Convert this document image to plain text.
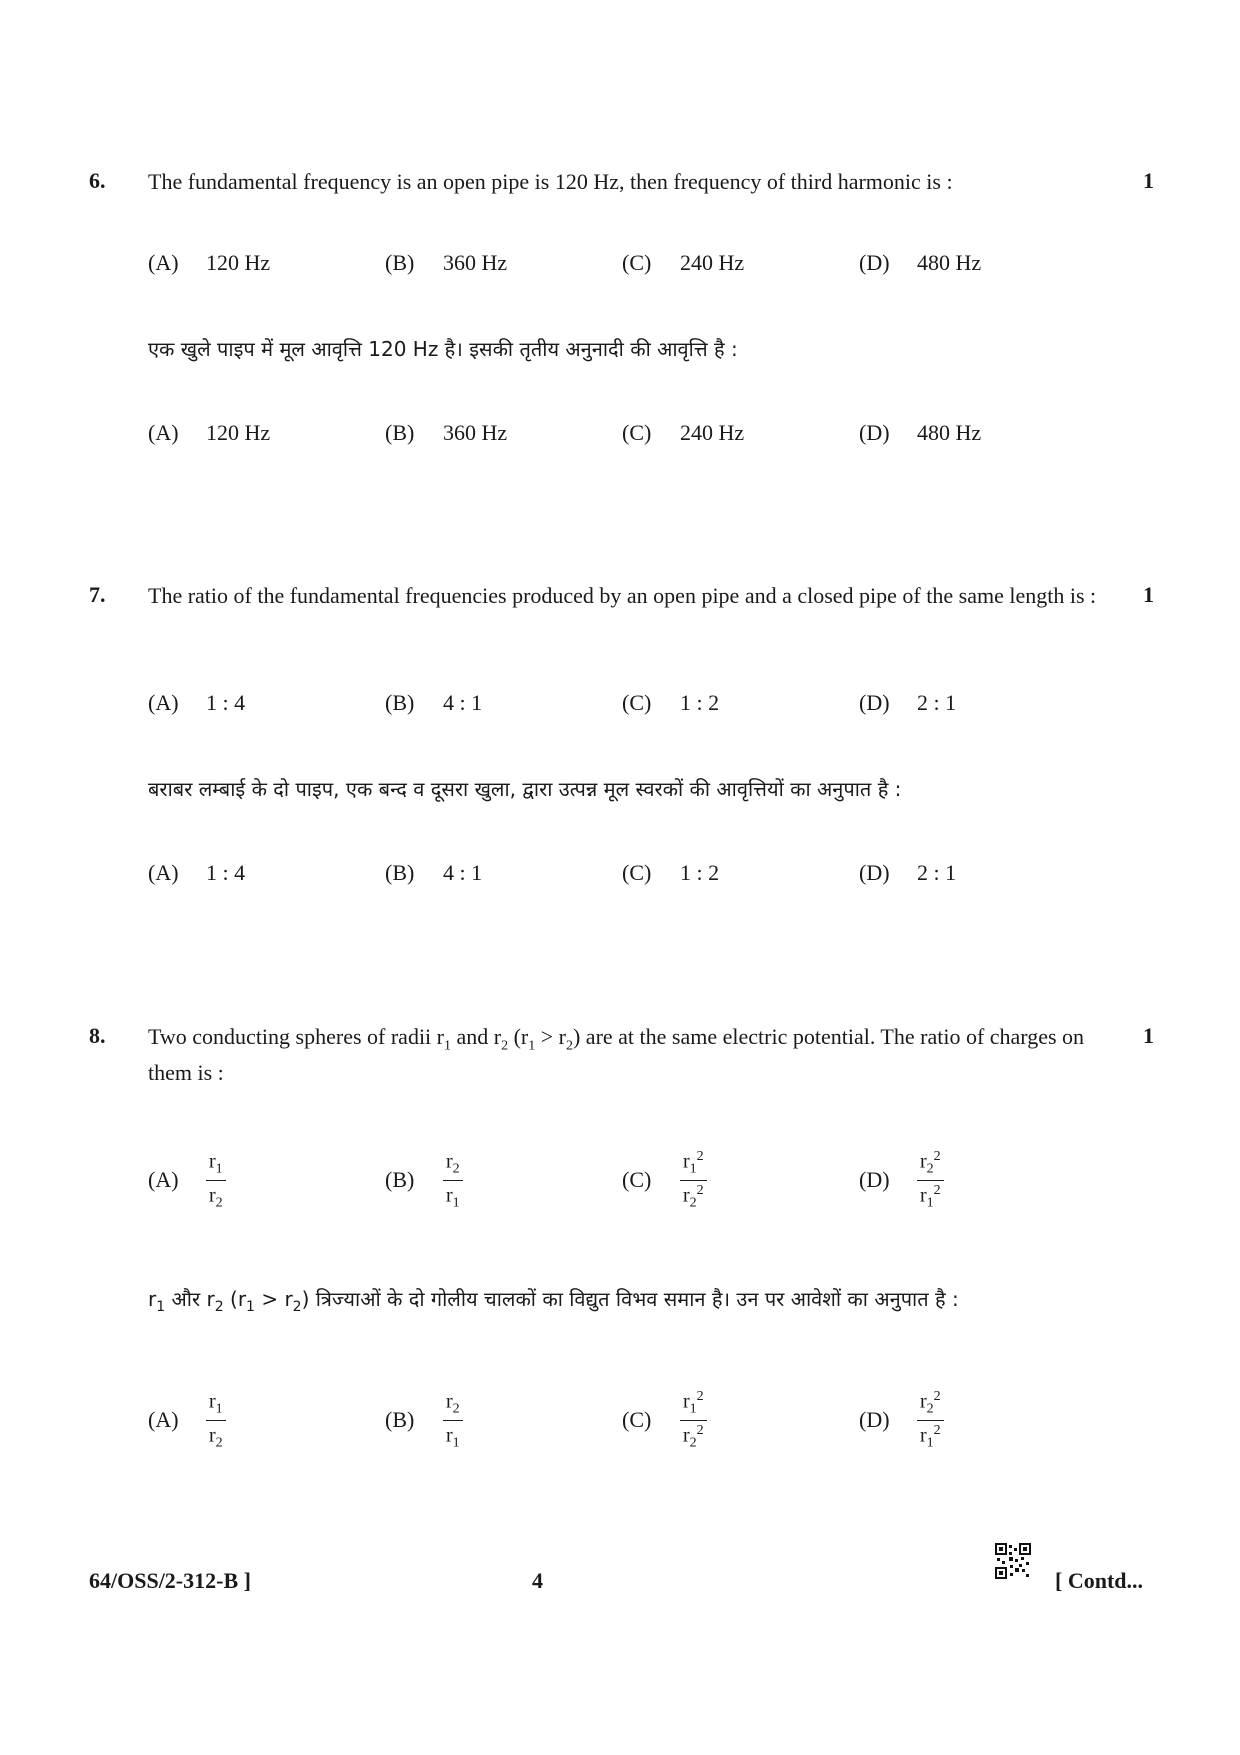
6. The fundamental frequency is an open pipe is 120 Hz, then frequency of third harmonic is :	1
(A)	120 Hz	(B)	360 Hz	(C)	240 Hz	(D)	480 Hz
एक खुले पाइप में मूल आवृत्ति 120 Hz है। इसकी तृतीय अनुनादी की आवृत्ति है :
(A)	120 Hz	(B)	360 Hz	(C)	240 Hz	(D)	480 Hz
7. The ratio of the fundamental frequencies produced by an open pipe and a closed pipe of the same length is :	1
(A)	1 : 4	(B)	4 : 1	(C)	1 : 2	(D)	2 : 1
बराबर लम्बाई के दो पाइप, एक बन्द व दूसरा खुला, द्वारा उत्पन्न मूल स्वरकों की आवृत्तियों का अनुपात है :
(A)	1 : 4	(B)	4 : 1	(C)	1 : 2	(D)	2 : 1
8. Two conducting spheres of radii $r_1$ and $r_2$ $(r_1 > r_2)$ are at the same electric potential. The ratio of charges on them is :
1
(A)	$\frac{r_1}{r_2}$	(B)	$\frac{r_2}{r_1}$	(C)	$\frac{r_1^2}{r_2^2}$	(D)	$\frac{r_2^2}{r_1^2}$
$r_1$ और $r_2$ $(r_1 > r_2)$ त्रिज्याओं के दो गोलीय चालकों का विद्युत विभव समान है। उन पर आवेशों का अनुपात है :
(A)	$\frac{r_1}{r_2}$	(B)	$\frac{r_2}{r_1}$	(C)	$\frac{r_1^2}{r_2^2}$	(D)	$\frac{r_2^2}{r_1^2}$
64/OSS/2-312-B ]	4	[ Contd...
